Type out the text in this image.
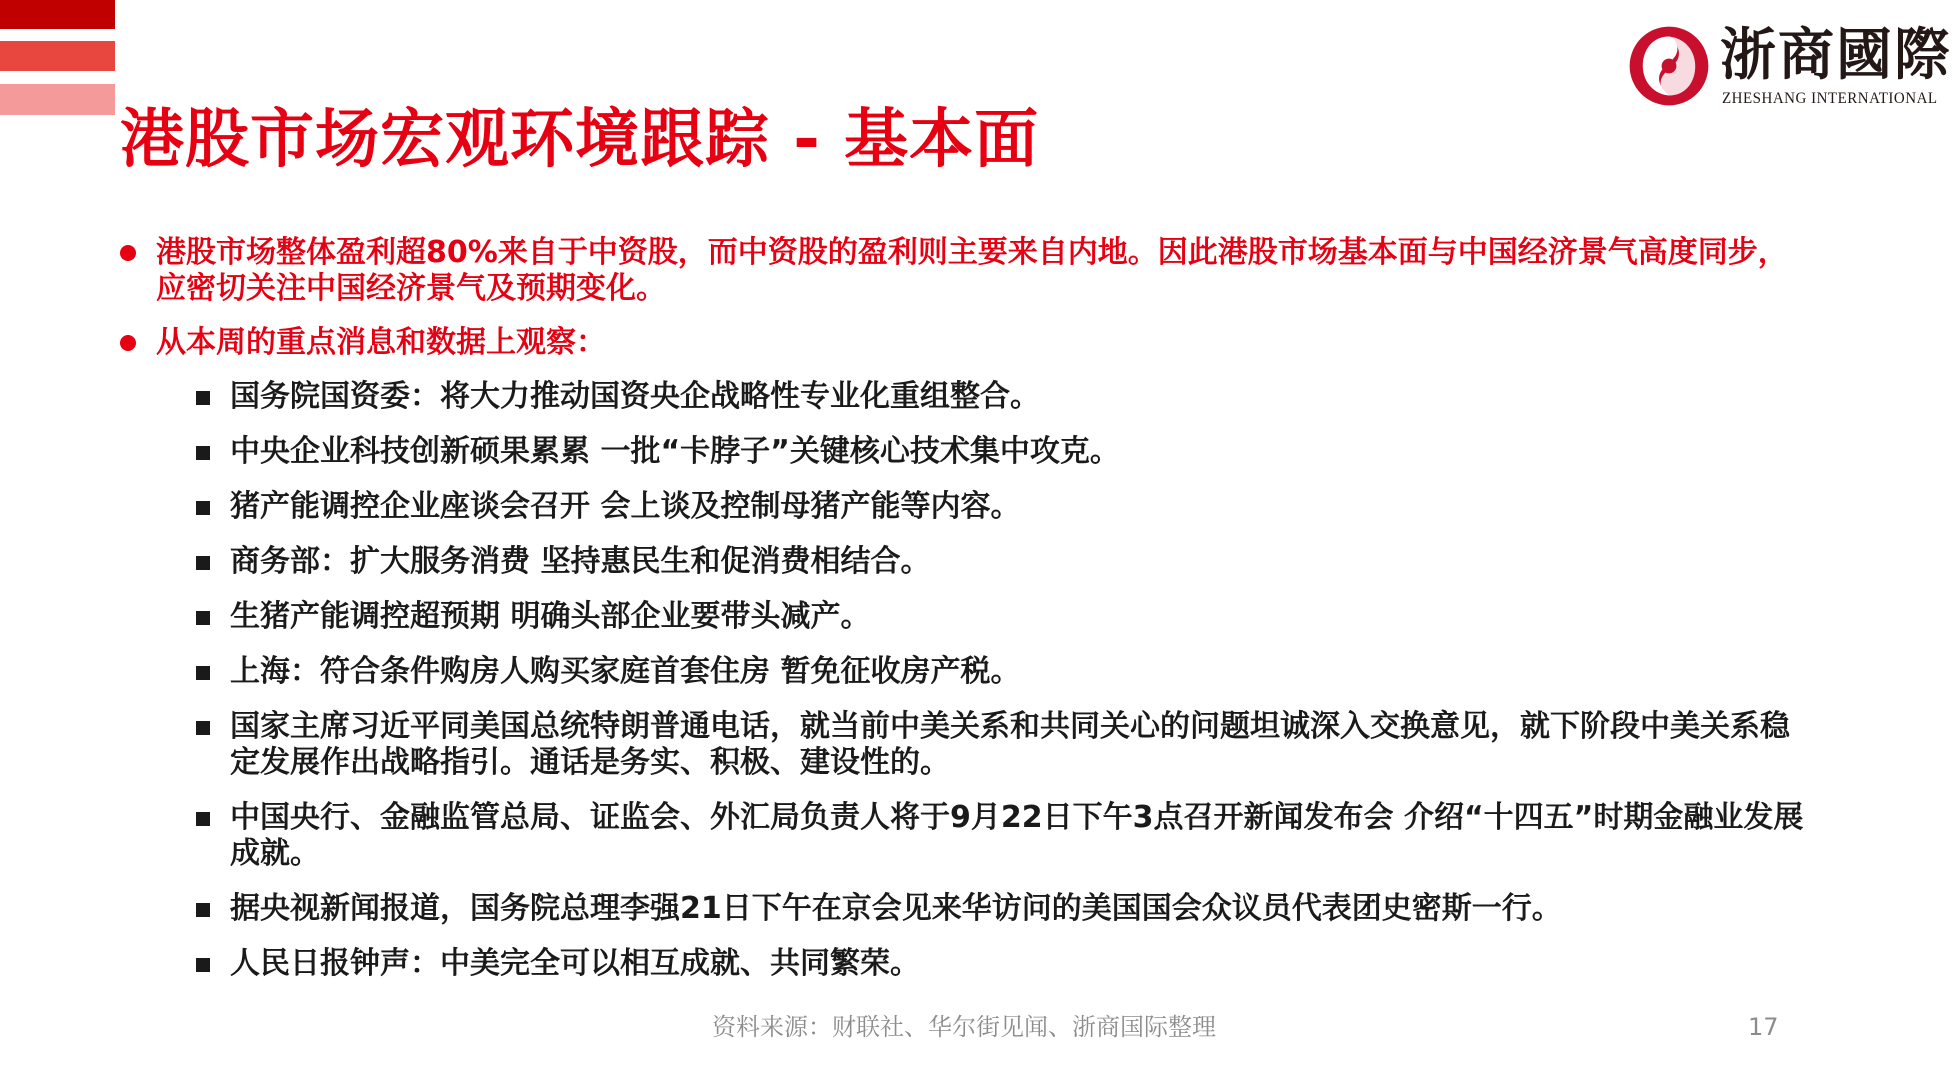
浙商國際
ZHESHANG INTERNATIONAL
港股市场宏观环境跟踪 - 基本面
港股市场整体盈利超80%来自于中资股，而中资股的盈利则主要来自内地。因此港股市场基本面与中国经济景气高度同步，应密切关注中国经济景气及预期变化。
从本周的重点消息和数据上观察：
国务院国资委：将大力推动国资央企战略性专业化重组整合。
中央企业科技创新硕果累累 一批“卡脖子”关键核心技术集中攻克。
猪产能调控企业座谈会召开 会上谈及控制母猪产能等内容。
商务部：扩大服务消费 坚持惠民生和促消费相结合。
生猪产能调控超预期 明确头部企业要带头减产。
上海：符合条件购房人购买家庭首套住房 暂免征收房产税。
国家主席习近平同美国总统特朗普通电话，就当前中美关系和共同关心的问题坦诚深入交换意见，就下阶段中美关系稳定发展作出战略指引。通话是务实、积极、建设性的。
中国央行、金融监管总局、证监会、外汇局负责人将于9月22日下午3点召开新闻发布会 介绍“十四五”时期金融业发展成就。
据央视新闻报道，国务院总理李强21日下午在京会见来华访问的美国国会众议员代表团史密斯一行。
人民日报钟声：中美完全可以相互成就、共同繁荣。
资料来源：财联社、华尔街见闻、浙商国际整理	17
